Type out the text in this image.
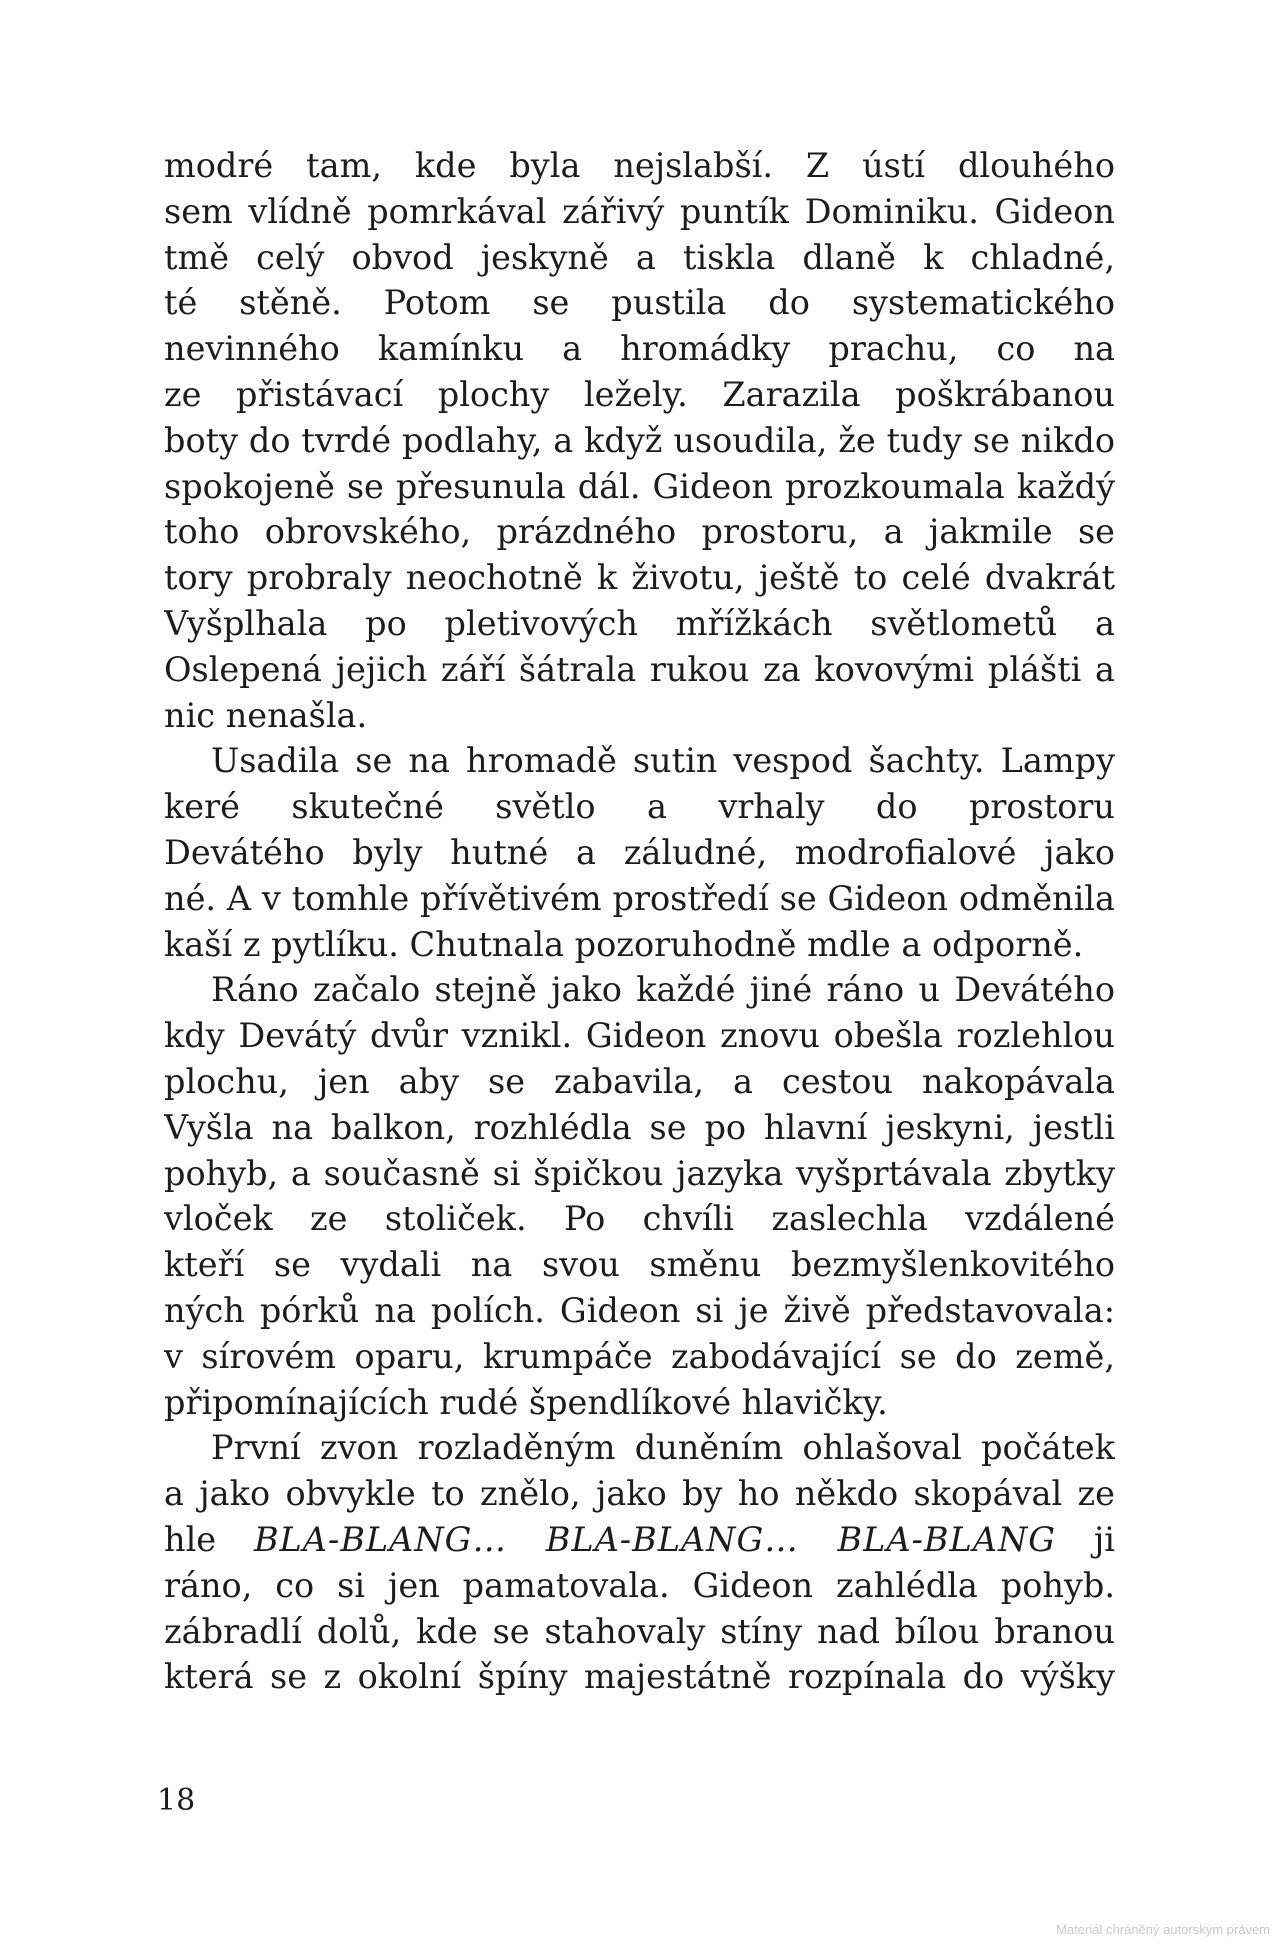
modré tam, kde byla nejslabší. Z ústí dlouhého
sem vlídně pomrkával zářivý puntík Dominiku. Gideon
tmě celý obvod jeskyně a tiskla dlaně k chladné,
té stěně. Potom se pustila do systematického
nevinného kamínku a hromádky prachu, co na
ze přistávací plochy ležely. Zarazila poškrábanou
boty do tvrdé podlahy, a když usoudila, že tudy se nikdo
spokojeně se přesunula dál. Gideon prozkoumala každý
toho obrovského, prázdného prostoru, a jakmile se
tory probraly neochotně k životu, ještě to celé dvakrát
Vyšplhala po pletivových mřížkách světlometů a
Oslepená jejich září šátrala rukou za kovovými plášti a
nic nenašla.
Usadila se na hromadě sutin vespod šachty. Lampy
keré skutečné světlo a vrhaly do prostoru
Devátého byly hutné a záludné, modrofialové jako
né. A v tomhle přívětivém prostředí se Gideon odměnila
kaší z pytlíku. Chutnala pozoruhodně mdle a odporně.
Ráno začalo stejně jako každé jiné ráno u Devátého
kdy Devátý dvůr vznikl. Gideon znovu obešla rozlehlou
plochu, jen aby se zabavila, a cestou nakopávala
Vyšla na balkon, rozhlédla se po hlavní jeskyni, jestli
pohyb, a současně si špičkou jazyka vyšprtávala zbytky
vloček ze stoliček. Po chvíli zaslechla vzdálené
kteří se vydali na svou směnu bezmyšlenkovitého
ných pórků na polích. Gideon si je živě představovala:
v sírovém oparu, krumpáče zabodávající se do země,
připomínajících rudé špendlíkové hlavičky.
První zvon rozladěným duněním ohlašoval počátek
a jako obvykle to znělo, jako by ho někdo skopával ze
hle BLA-BLANG… BLA-BLANG… BLA-BLANG ji
ráno, co si jen pamatovala. Gideon zahlédla pohyb.
zábradlí dolů, kde se stahovaly stíny nad bílou branou
která se z okolní špíny majestátně rozpínala do výšky
18
Materiál chráněný autorským právem
